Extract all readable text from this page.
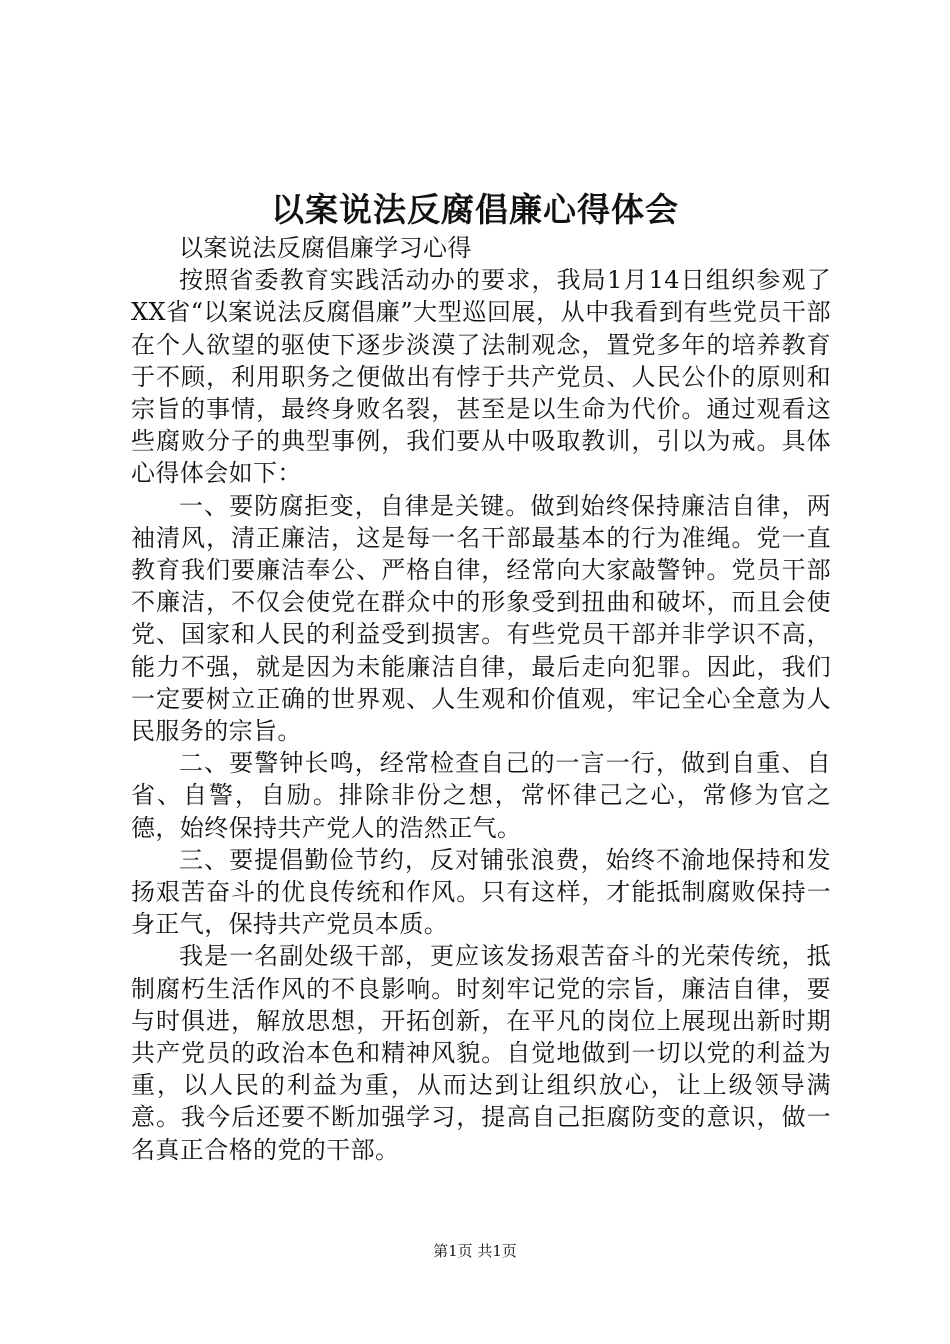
以案说法反腐倡廉心得体会

以案说法反腐倡廉学习心得

按照省委教育实践活动办的要求，我局1月14日组织参观了XX省“以案说法反腐倡廉”大型巡回展，从中我看到有些党员干部在个人欲望的驱使下逐步淡漠了法制观念，置党多年的培养教育于不顾，利用职务之便做出有悖于共产党员、人民公仆的原则和宗旨的事情，最终身败名裂，甚至是以生命为代价。通过观看这些腐败分子的典型事例，我们要从中吸取教训，引以为戒。具体心得体会如下：

一、要防腐拒变，自律是关键。做到始终保持廉洁自律，两袖清风，清正廉洁，这是每一名干部最基本的行为准绳。党一直教育我们要廉洁奉公、严格自律，经常向大家敲警钟。党员干部不廉洁，不仅会使党在群众中的形象受到扭曲和破坏，而且会使党、国家和人民的利益受到损害。有些党员干部并非学识不高，能力不强，就是因为未能廉洁自律，最后走向犯罪。因此，我们一定要树立正确的世界观、人生观和价值观，牢记全心全意为人民服务的宗旨。

二、要警钟长鸣，经常检查自己的一言一行，做到自重、自省、自警，自励。排除非份之想，常怀律己之心，常修为官之德，始终保持共产党人的浩然正气。

三、要提倡勤俭节约，反对铺张浪费，始终不渝地保持和发扬艰苦奋斗的优良传统和作风。只有这样，才能抵制腐败保持一身正气，保持共产党员本质。

我是一名副处级干部，更应该发扬艰苦奋斗的光荣传统，抵制腐朽生活作风的不良影响。时刻牢记党的宗旨，廉洁自律，要与时俱进，解放思想，开拓创新，在平凡的岗位上展现出新时期共产党员的政治本色和精神风貌。自觉地做到一切以党的利益为重，以人民的利益为重，从而达到让组织放心，让上级领导满意。我今后还要不断加强学习，提高自己拒腐防变的意识，做一名真正合格的党的干部。

第1页 共1页
